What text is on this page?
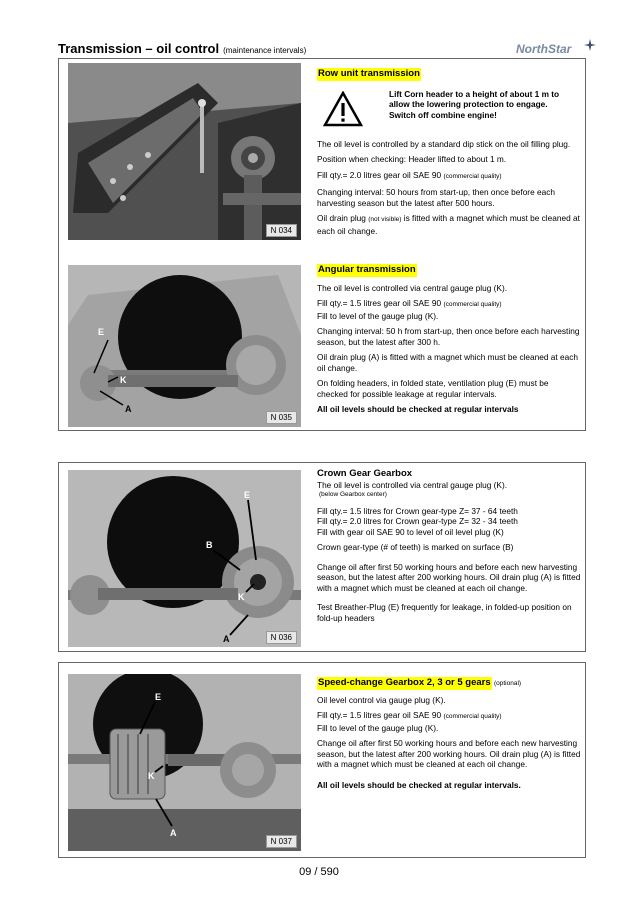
Transmission – oil control (maintenance intervals)	NorthStar
N 034
E
K
A
N 035

Row unit transmission

Lift Corn header to a height of about 1 m to allow the lowering protection to engage. Switch off combine engine!

The oil level is controlled by a standard dip stick on the oil filling plug.

Position when checking: Header lifted to about 1 m.

Fill qty.= 2.0 litres gear oil SAE 90 (commercial quality)

Changing interval: 50 hours from start-up, then once before each harvesting season but the latest after 500 hours.

Oil drain plug (not visible) is fitted with a magnet which must be cleaned at each oil change.

Angular transmission

The oil level is controlled via central gauge plug (K).

Fill qty.= 1.5 litres gear oil SAE 90 (commercial quality)
Fill to level of the gauge plug (K).

Changing interval: 50 h from start-up, then once before each harvesting season, but the latest after 300 h.

Oil drain plug (A) is fitted with a magnet which must be cleaned at each oil change.

On folding headers, in folded state, ventilation plug (E) must be checked for possible leakage at regular intervals.

All oil levels should be checked at regular intervals

E
B
K
A	N 036
Crown Gear Gearbox

The oil level is controlled via central gauge plug (K).

(below Gearbox center)

Fill qty.= 1.5 litres for Crown gear-type Z= 37 - 64 teeth

Fill qty.= 2.0 litres for Crown gear-type Z= 32 - 34 teeth

Fill with gear oil SAE 90 to level of oil level plug (K)

Crown gear-type (# of teeth) is marked on surface (B)

Change oil after first 50 working hours and before each new harvesting season, but the latest after 200 working hours. Oil drain plug (A) is fitted with a magnet which must be cleaned at each oil change.

Test Breather-Plug (E) frequently for leakage, in folded-up position on fold-up headers

E
K
A
N 037

Speed-change Gearbox 2, 3 or 5 gears (optional)

Oil level control via gauge plug (K).

Fill qty.= 1.5 litres gear oil SAE 90 (commercial quality)
Fill to level of the gauge plug (K).

Change oil after first 50 working hours and before each new harvesting season, but the latest after 200 working hours. Oil drain plug (A) is fitted with a magnet which must be cleaned at each oil change.

All oil levels should be checked at regular intervals.

09 / 590
